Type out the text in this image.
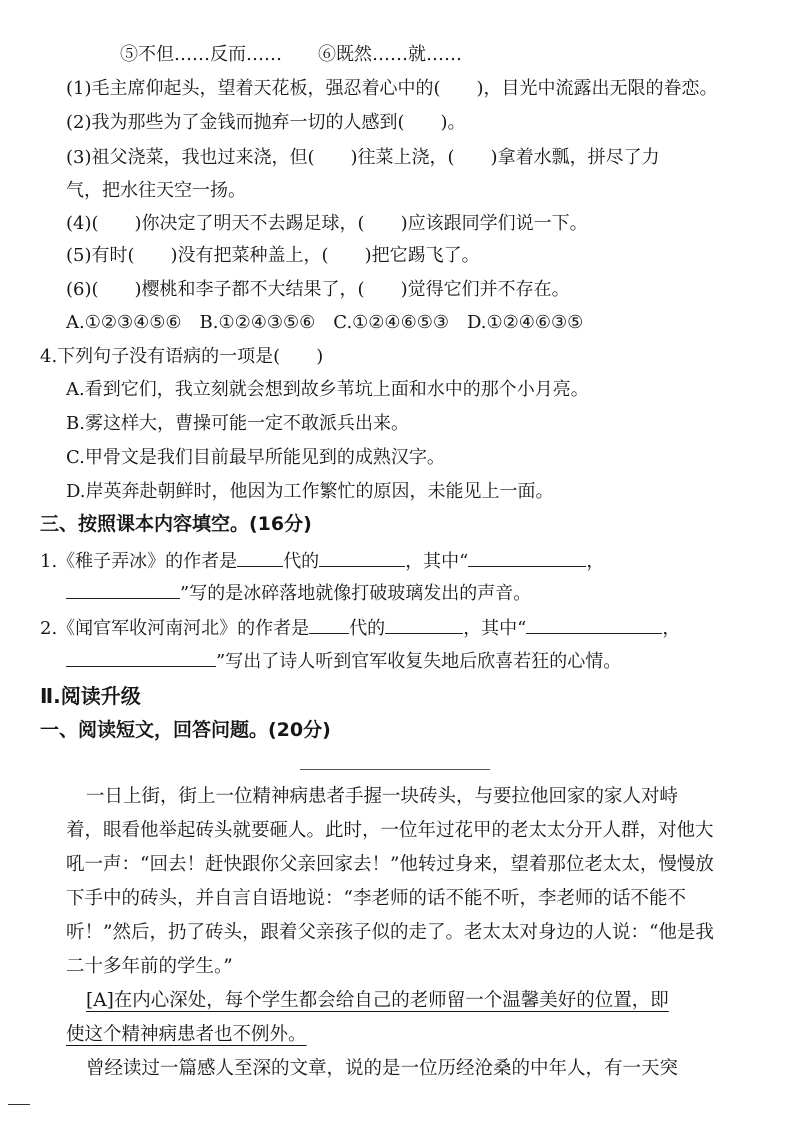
⑤不但……反而……　　⑥既然……就……
(1)毛主席仰起头，望着天花板，强忍着心中的(　　)，目光中流露出无限的眷恋。
(2)我为那些为了金钱而抛弃一切的人感到(　　)。
(3)祖父浇菜，我也过来浇，但(　　)往菜上浇，(　　)拿着水瓢，拼尽了力
气，把水往天空一扬。
(4)(　　)你决定了明天不去踢足球，(　　)应该跟同学们说一下。
(5)有时(　　)没有把菜种盖上，(　　)把它踢飞了。
(6)(　　)樱桃和李子都不大结果了，(　　)觉得它们并不存在。
A.①②③④⑤⑥　B.①②④③⑤⑥　C.①②④⑥⑤③　D.①②④⑥③⑤
4.下列句子没有语病的一项是(　　)
A.看到它们，我立刻就会想到故乡苇坑上面和水中的那个小月亮。
B.雾这样大，曹操可能一定不敢派兵出来。
C.甲骨文是我们目前最早所能见到的成熟汉字。
D.岸英奔赴朝鲜时，他因为工作繁忙的原因，未能见上一面。
三、按照课本内容填空。(16分)
1.《稚子弄冰》的作者是	代的	，其中“	，
”写的是冰碎落地就像打破玻璃发出的声音。
2.《闻官军收河南河北》的作者是 代的	，其中“	，
”写出了诗人听到官军收复失地后欣喜若狂的心情。
Ⅱ.阅读升级
一、阅读短文，回答问题。(20分)
一日上街，街上一位精神病患者手握一块砖头，与要拉他回家的家人对峙
着，眼看他举起砖头就要砸人。此时，一位年过花甲的老太太分开人群，对他大
吼一声：“回去！赶快跟你父亲回家去！”他转过身来，望着那位老太太，慢慢放
下手中的砖头，并自言自语地说：“李老师的话不能不听，李老师的话不能不
听！”然后，扔了砖头，跟着父亲孩子似的走了。老太太对身边的人说：“他是我
二十多年前的学生。”
[A]在内心深处，每个学生都会给自己的老师留一个温馨美好的位置，即
使这个精神病患者也不例外。
曾经读过一篇感人至深的文章，说的是一位历经沧桑的中年人，有一天突
